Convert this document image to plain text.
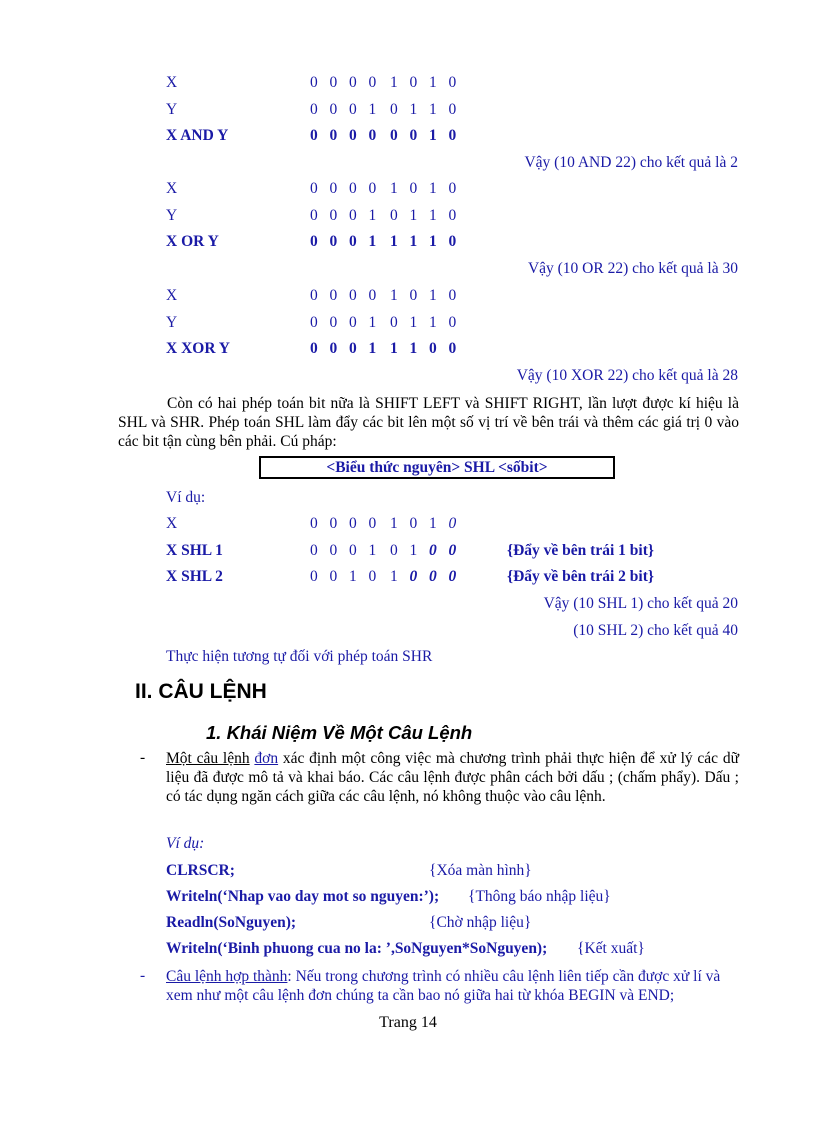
X	0 0 0 0 1 0 1 0
Y	0 0 0 1 0 1 1 0
X AND Y	0 0 0 0 0 0 1 0
X	0 0 0 0 1 0 1 0
Y	0 0 0 1 0 1 1 0
X OR Y	0 0 0 1 1 1 1 0
X	0 0 0 0 1 0 1 0
Y	0 0 0 1 0 1 1 0
X XOR Y	0 0 0 1 1 1 0 0
Vậy (10 AND 22) cho kết quả là 2
Vậy (10 OR 22) cho kết quả là 30
Vậy (10 XOR 22) cho kết quả là 28
Còn có hai phép toán bit nữa là SHIFT LEFT và SHIFT RIGHT, lần lượt được kí hiệu là SHL và SHR. Phép toán SHL làm đẩy các bit lên một số vị trí về bên trái và thêm các giá trị 0 vào các bit tận cùng bên phải. Cú pháp:
<Biểu thức nguyên> SHL <sốbit>
Ví dụ:
X	0 0 0 0 1 0 1 0
X SHL 1	0 0 0 1 0 1 0 0	{Đẩy về bên trái 1 bit}
X SHL 2	0 0 1 0 1 0 0 0	{Đẩy về bên trái 2 bit}
Vậy (10 SHL 1) cho kết quả 20
(10 SHL 2) cho kết quả 40
Thực hiện tương tự đối với phép toán SHR
II. CÂU LỆNH
1. Khái Niệm Về Một Câu Lệnh
- Một câu lệnh đơn xác định một công việc mà chương trình phải thực hiện để xử lý các dữ liệu đã được mô tả và khai báo. Các câu lệnh được phân cách bởi dấu ; (chấm phẩy). Dấu ; có tác dụng ngăn cách giữa các câu lệnh, nó không thuộc vào câu lệnh.
Ví dụ:
CLRSCR;	{Xóa màn hình}
Writeln(‘Nhap vao day mot so nguyen:’); {Thông báo nhập liệu}
Readln(SoNguyen);	{Chờ nhập liệu}
Writeln(‘Binh phuong cua no la: ’,SoNguyen*SoNguyen); {Kết xuất}
- Câu lệnh hợp thành: Nếu trong chương trình có nhiều câu lệnh liên tiếp cần được xử lí và xem như một câu lệnh đơn chúng ta cần bao nó giữa hai từ khóa BEGIN và END;
Trang 14
